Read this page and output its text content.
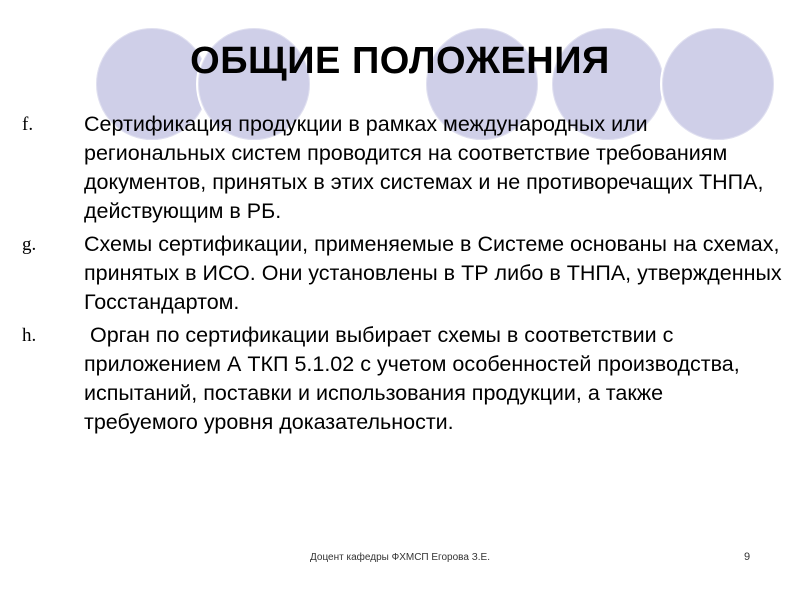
ОБЩИЕ ПОЛОЖЕНИЯ
f. Сертификация продукции в рамках международных или региональных систем проводится на соответствие требованиям документов, принятых в этих системах и не противоречащих ТНПА, действующим в РБ.
g. Схемы сертификации, применяемые в Системе основаны на схемах, принятых в ИСО. Они установлены в ТР либо в ТНПА, утвержденных Госстандартом.
h. Орган по сертификации выбирает схемы в соответствии с приложением А ТКП 5.1.02 с учетом особенностей производства, испытаний, поставки и использования продукции, а также требуемого уровня доказательности.
Доцент кафедры ФХМСП Егорова З.Е.	9
